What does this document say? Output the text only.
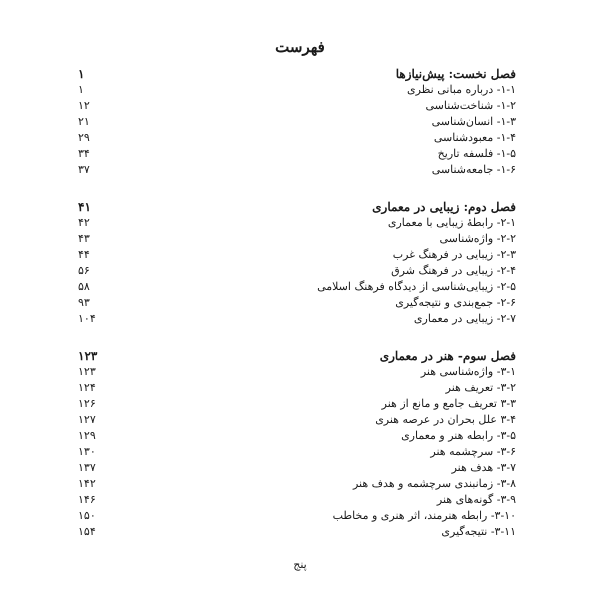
فهرست
فصل نخست: پیش‌نیازها
۱
۱-۱- درباره مبانی نظری
۱
۱-۲- شناخت‌شناسی
۱۲
۱-۳- انسان‌شناسی
۲۱
۱-۴- معبودشناسی
۲۹
۱-۵- فلسفه تاریخ
۳۴
۱-۶- جامعه‌شناسی
۳۷
فصل دوم: زیبایی در معماری
۴۱
۲-۱- رابطهٔ زیبایی با معماری
۴۲
۲-۲- واژه‌شناسی
۴۳
۲-۳- زیبایی در فرهنگ غرب
۴۴
۲-۴- زیبایی در فرهنگ شرق
۵۶
۲-۵- زیبایی‌شناسی از دیدگاه فرهنگ اسلامی
۵۸
۲-۶- جمع‌بندی و نتیجه‌گیری
۹۳
۲-۷- زیبایی در معماری
۱۰۴
فصل سوم- هنر در معماری
۱۲۳
۳-۱- واژه‌شناسی هنر
۱۲۳
۳-۲- تعریف هنر
۱۲۴
۳-۳ تعریف جامع و مانع از هنر
۱۲۶
۳-۴ علل بحران در عرصه هنری
۱۲۷
۳-۵- رابطه هنر و معماری
۱۲۹
۳-۶- سرچشمه هنر
۱۳۰
۳-۷- هدف هنر
۱۳۷
۳-۸- زمانبندی سرچشمه و هدف هنر
۱۴۲
۳-۹- گونه‌های هنر
۱۴۶
۳-۱۰- رابطه هنرمند، اثر هنری و مخاطب
۱۵۰
۳-۱۱- نتیجه‌گیری
۱۵۴
پنج
